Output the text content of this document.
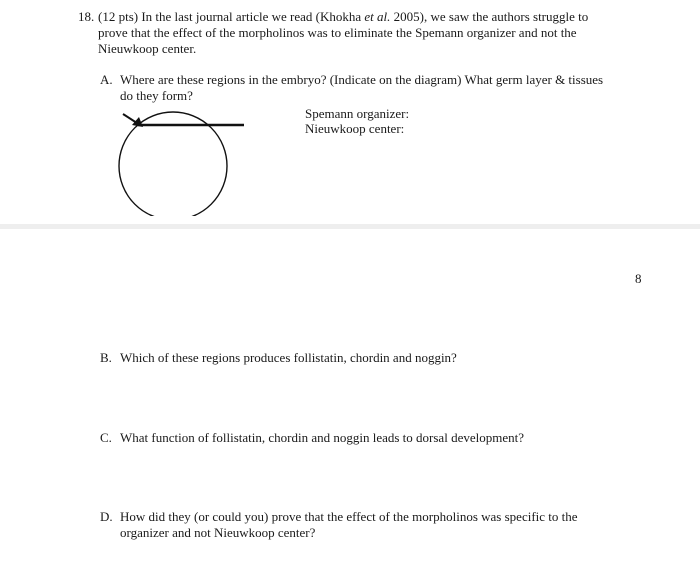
18. (12 pts) In the last journal article we read (Khokha et al. 2005), we saw the authors struggle to
prove that the effect of the morpholinos was to eliminate the Spemann organizer and not the
Nieuwkoop center.
A. Where are these regions in the embryo? (Indicate on the diagram) What germ layer & tissues
do they form?
Spemann organizer:
Nieuwkoop center:
8
B. Which of these regions produces follistatin, chordin and noggin?
C. What function of follistatin, chordin and noggin leads to dorsal development?
D. How did they (or could you) prove that the effect of the morpholinos was specific to the
organizer and not Nieuwkoop center?
